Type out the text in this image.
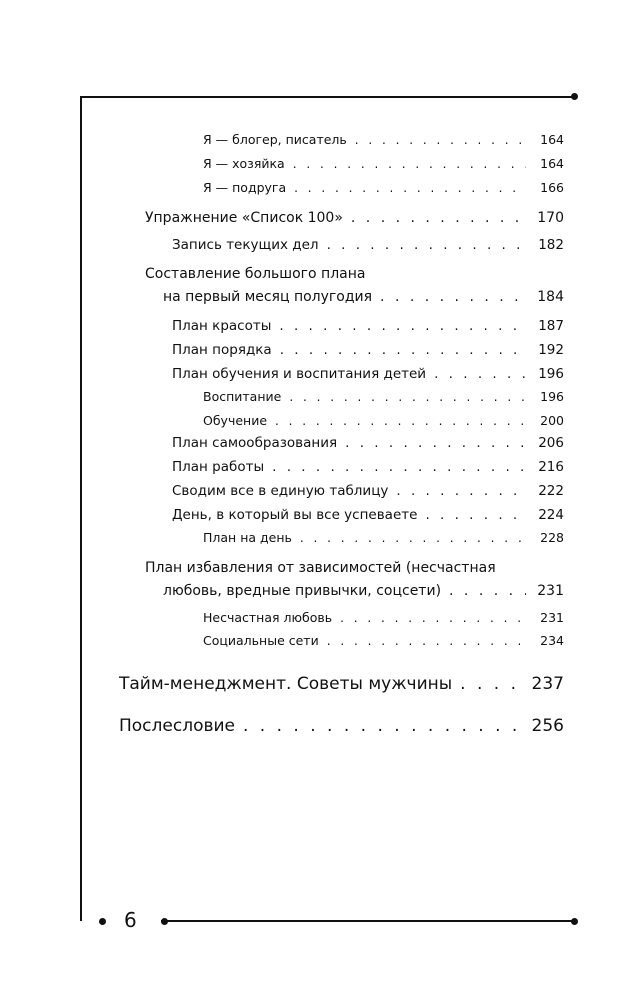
6
Я — блогер, писатель . . .	164
Я — хозяйка . . .	164
Я — подруга . . .	166
Упражнение «Список 100» . . .	170
Запись текущих дел . . .	182
Составление большого плана
на первый месяц полугодия . . .	184
План красоты . . .	187
План порядка . . .	192
План обучения и воспитания детей . . .	196
Воспитание . . .	196
Обучение . . .	200
План самообразования . . .	206
План работы . . .	216
Сводим все в единую таблицу . . .	222
День, в который вы все успеваете . . .	224
План на день . . .	228
План избавления от зависимостей (несчастная
любовь, вредные привычки, соцсети) . . .	231
Несчастная любовь . . .	231
Социальные сети . . .	234
Тайм-менеджмент. Советы мужчины . . .	237
Послесловие . . .	256
